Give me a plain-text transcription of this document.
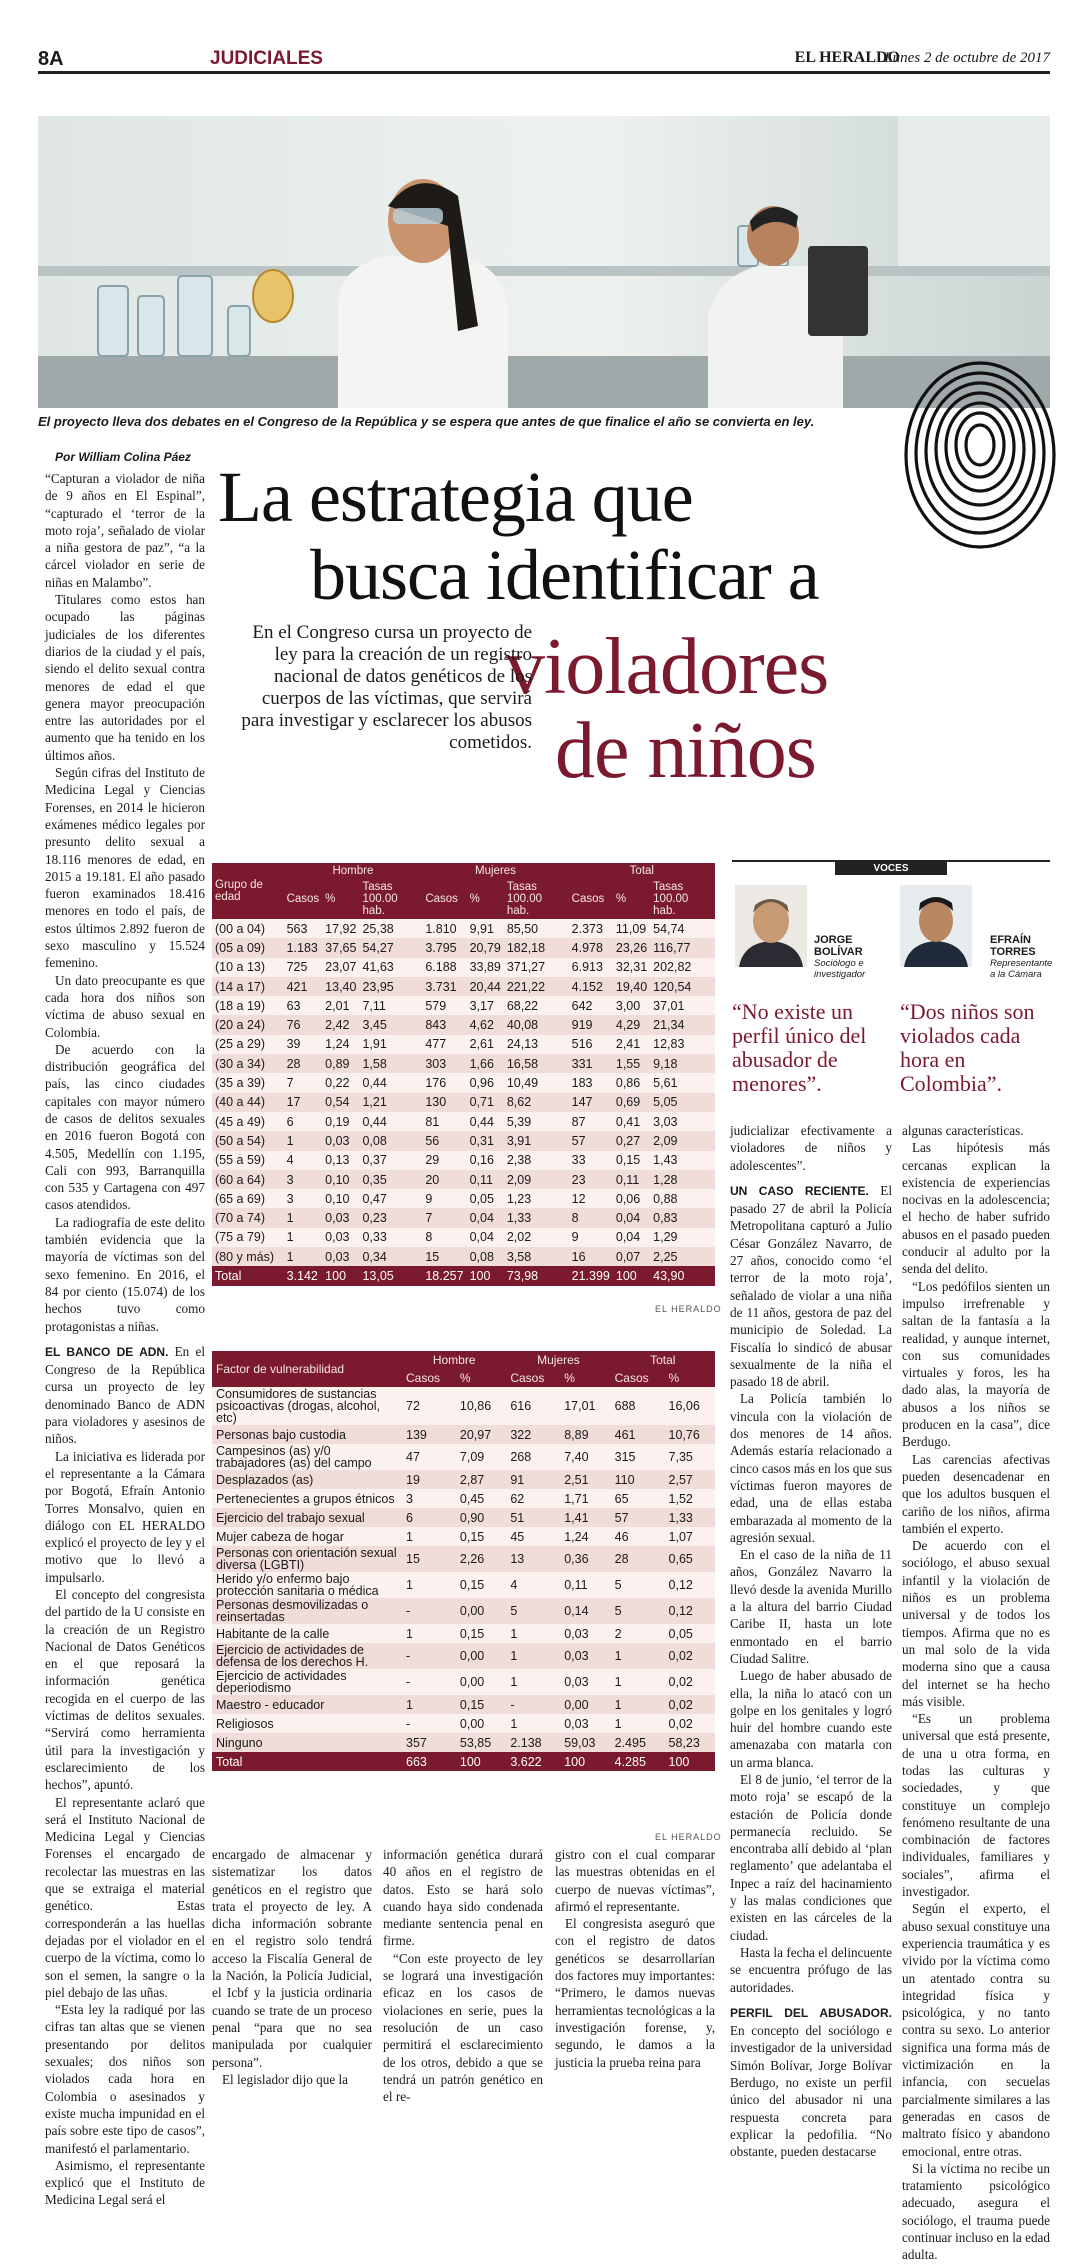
8A	JUDICIALES	EL HERALDO
Lunes 2 de octubre de 2017
El proyecto lleva dos debates en el Congreso de la República y se espera que antes de que finalice el año se convierta en ley.
Por William Colina Páez La estrategia que
busca identificar a
violadores
de niños
En el Congreso cursa un proyecto de ley para la creación de un registro nacional de datos genéticos de los cuerpos de las víctimas, que servirá para investigar y esclarecer los abusos cometidos.

“Capturan a violador de niña de 9 años en El Espinal”, “capturado el ‘terror de la moto roja’, señalado de violar a niña gestora de paz”, “a la cárcel violador en serie de niñas en Malambo”.

Titulares como estos han ocupado las páginas judiciales de los diferentes diarios de la ciudad y el país, siendo el delito sexual contra menores de edad el que genera mayor preocupación entre las autoridades por el aumento que ha tenido en los últimos años.

Según cifras del Instituto de Medicina Legal y Ciencias Forenses, en 2014 le hicieron exámenes médico legales por presunto delito sexual a 18.116 menores de edad, en 2015 a 19.181. El año pasado fueron examinados 18.416 menores en todo el país, de estos últimos 2.892 fueron de sexo masculino y 15.524 femenino.

Un dato preocupante es que cada hora dos niños son víctima de abuso sexual en Colombia.

De acuerdo con la distribución geográfica del país, las cinco ciudades capitales con mayor número de casos de delitos sexuales en 2016 fueron Bogotá con 4.505, Medellín con 1.195, Cali con 993, Barranquilla con 535 y Cartagena con 497 casos atendidos.

La radiografía de este delito también evidencia que la mayoría de víctimas son del sexo femenino. En 2016, el 84 por ciento (15.074) de los hechos tuvo como protagonistas a niñas.

EL BANCO DE ADN. En el Congreso de la República cursa un proyecto de ley denominado Banco de ADN para violadores y asesinos de niños.

La iniciativa es liderada por el representante a la Cámara por Bogotá, Efraín Antonio Torres Monsalvo, quien en diálogo con EL HERALDO explicó el proyecto de ley y el motivo que lo llevó a impulsarlo.

El concepto del congresista del partido de la U consiste en la creación de un Registro Nacional de Datos Genéticos en el que reposará la información genética recogida en el cuerpo de las víctimas de delitos sexuales. “Servirá como herramienta útil para la investigación y esclarecimiento de los hechos”, apuntó.

El representante aclaró que será el Instituto Nacional de Medicina Legal y Ciencias Forenses el encargado de recolectar las muestras en las que se extraiga el material genético. Estas corresponderán a las huellas dejadas por el violador en el cuerpo de la víctima, como lo son el semen, la sangre o la piel debajo de las uñas.

“Esta ley la radiqué por las cifras tan altas que se vienen presentando por delitos sexuales; dos niños son violados cada hora en Colombia o asesinados y existe mucha impunidad en el país sobre este tipo de casos”, manifestó el parlamentario.

Asimismo, el representante explicó que el Instituto de Medicina Legal será el

Grupo de edad	Hombre			Mujeres			Total		
	Casos	%	Tasas 100.00 hab.	Casos	%	Tasas 100.00 hab.	Casos	%	Tasas 100.00 hab.
(00 a 04)	563	17,92	25,38	1.810	9,91	85,50	2.373	11,09	54,74
(05 a 09)	1.183	37,65	54,27	3.795	20,79	182,18	4.978	23,26	116,77
(10 a 13)	725	23,07	41,63	6.188	33,89	371,27	6.913	32,31	202,82
(14 a 17)	421	13,40	23,95	3.731	20,44	221,22	4.152	19,40	120,54
(18 a 19)	63	2,01	7,11	579	3,17	68,22	642	3,00	37,01
(20 a 24)	76	2,42	3,45	843	4,62	40,08	919	4,29	21,34
(25 a 29)	39	1,24	1,91	477	2,61	24,13	516	2,41	12,83
(30 a 34)	28	0,89	1,58	303	1,66	16,58	331	1,55	9,18
(35 a 39)	7	0,22	0,44	176	0,96	10,49	183	0,86	5,61
(40 a 44)	17	0,54	1,21	130	0,71	8,62	147	0,69	5,05
(45 a 49)	6	0,19	0,44	81	0,44	5,39	87	0,41	3,03
(50 a 54)	1	0,03	0,08	56	0,31	3,91	57	0,27	2,09
(55 a 59)	4	0,13	0,37	29	0,16	2,38	33	0,15	1,43
(60 a 64)	3	0,10	0,35	20	0,11	2,09	23	0,11	1,28
(65 a 69)	3	0,10	0,47	9	0,05	1,23	12	0,06	0,88
(70 a 74)	1	0,03	0,23	7	0,04	1,33	8	0,04	0,83
(75 a 79)	1	0,03	0,33	8	0,04	2,02	9	0,04	1,29
(80 y más)	1	0,03	0,34	15	0,08	3,58	16	0,07	2,25
Total	3.142	100	13,05	18.257	100	73,98	21.399	100	43,90
EL HERALDO
Factor de vulnerabilidad	Hombre		Mujeres		Total	
	Casos	%	Casos	%	Casos	%
Consumidores de sustancias psicoactivas (drogas, alcohol, etc)	72	10,86	616	17,01	688	16,06
Personas bajo custodia	139	20,97	322	8,89	461	10,76
Campesinos (as) y/0 trabajadores (as) del campo	47	7,09	268	7,40	315	7,35
Desplazados (as)	19	2,87	91	2,51	110	2,57
Pertenecientes a grupos étnicos	3	0,45	62	1,71	65	1,52
Ejercicio del trabajo sexual	6	0,90	51	1,41	57	1,33
Mujer cabeza de hogar	1	0,15	45	1,24	46	1,07
Personas con orientación sexual diversa (LGBTI)	15	2,26	13	0,36	28	0,65
Herido y/o enfermo bajo protección sanitaria o médica	1	0,15	4	0,11	5	0,12
Personas desmovilizadas o reinsertadas	-	0,00	5	0,14	5	0,12
Habitante de la calle	1	0,15	1	0,03	2	0,05
Ejercicio de actividades de defensa de los derechos H.	-	0,00	1	0,03	1	0,02
Ejercicio de actividades deperiodismo	-	0,00	1	0,03	1	0,02
Maestro - educador	1	0,15	-	0,00	1	0,02
Religiosos	-	0,00	1	0,03	1	0,02
Ninguno	357	53,85	2.138	59,03	2.495	58,23
Total	663	100	3.622	100	4.285	100
EL HERALDO

encargado de almacenar y sistematizar los datos genéticos en el registro que trata el proyecto de ley. A dicha información sobrante en el registro solo tendrá acceso la Fiscalía General de la Nación, la Policía Judicial, el Icbf y la justicia ordinaria cuando se trate de un proceso penal “para que no sea manipulada por cualquier persona”.

El legislador dijo que la

información genética durará 40 años en el registro de datos. Esto se hará solo cuando haya sido condenada mediante sentencia penal en firme.

“Con este proyecto de ley se logrará una investigación eficaz en los casos de violaciones en serie, pues la resolución de un caso permitirá el esclarecimiento de los otros, debido a que se tendrá un patrón genético en el re-

gistro con el cual comparar las muestras obtenidas en el cuerpo de nuevas víctimas”, afirmó el representante.

El congresista aseguró que con el registro de datos genéticos se desarrollarían dos factores muy importantes: “Primero, le damos nuevas herramientas tecnológicas a la investigación forense, y, segundo, le damos a la justicia la prueba reina para

VOCES
JORGE
BOLÍVAR
Sociólogo e
investigador
EFRAÍN
TORRES
Representante
a la Cámara
“No existe un perfil único del abusador de menores”.
“Dos niños son violados cada hora en Colombia”.

judicializar efectivamente a violadores de niños y adolescentes”.

UN CASO RECIENTE. El pasado 27 de abril la Policía Metropolitana capturó a Julio César González Navarro, de 27 años, conocido como ‘el terror de la moto roja’, señalado de violar a una niña de 11 años, gestora de paz del municipio de Soledad. La Fiscalía lo sindicó de abusar sexualmente de la niña el pasado 18 de abril.

La Policía también lo vincula con la violación de dos menores de 14 años. Además estaría relacionado a cinco casos más en los que sus víctimas fueron mayores de edad, una de ellas estaba embarazada al momento de la agresión sexual.

En el caso de la niña de 11 años, González Navarro la llevó desde la avenida Murillo a la altura del barrio Ciudad Caribe II, hasta un lote enmontado en el barrio Ciudad Salitre.

Luego de haber abusado de ella, la niña lo atacó con un golpe en los genitales y logró huir del hombre cuando este amenazaba con matarla con un arma blanca.

El 8 de junio, ‘el terror de la moto roja’ se escapó de la estación de Policía donde permanecía recluido. Se encontraba allí debido al ‘plan reglamento’ que adelantaba el Inpec a raíz del hacinamiento y las malas condiciones que existen en las cárceles de la ciudad.

Hasta la fecha el delincuente se encuentra prófugo de las autoridades.

PERFIL DEL ABUSADOR. En concepto del sociólogo e investigador de la universidad Simón Bolívar, Jorge Bolívar Berdugo, no existe un perfil único del abusador ni una respuesta concreta para explicar la pedofilia. “No obstante, pueden destacarse

algunas características.

Las hipótesis más cercanas explican la existencia de experiencias nocivas en la adolescencia; el hecho de haber sufrido abusos en el pasado pueden conducir al adulto por la senda del delito.

“Los pedófilos sienten un impulso irrefrenable y saltan de la fantasía a la realidad, y aunque internet, con sus comunidades virtuales y foros, les ha dado alas, la mayoría de abusos a los niños se producen en la casa”, dice Berdugo.

Las carencias afectivas pueden desencadenar en que los adultos busquen el cariño de los niños, afirma también el experto.

De acuerdo con el sociólogo, el abuso sexual infantil y la violación de niños es un problema universal y de todos los tiempos. Afirma que no es un mal solo de la vida moderna sino que a causa del internet se ha hecho más visible.

“Es un problema universal que está presente, de una u otra forma, en todas las culturas y sociedades, y que constituye un complejo fenómeno resultante de una combinación de factores individuales, familiares y sociales”, afirma el investigador.

Según el experto, el abuso sexual constituye una experiencia traumática y es vivido por la víctima como un atentado contra su integridad física y psicológica, y no tanto contra su sexo. Lo anterior significa una forma más de victimización en la infancia, con secuelas parcialmente similares a las generadas en casos de maltrato físico y abandono emocional, entre otras.

Si la víctima no recibe un tratamiento psicológico adecuado, asegura el sociólogo, el trauma puede continuar incluso en la edad adulta.
